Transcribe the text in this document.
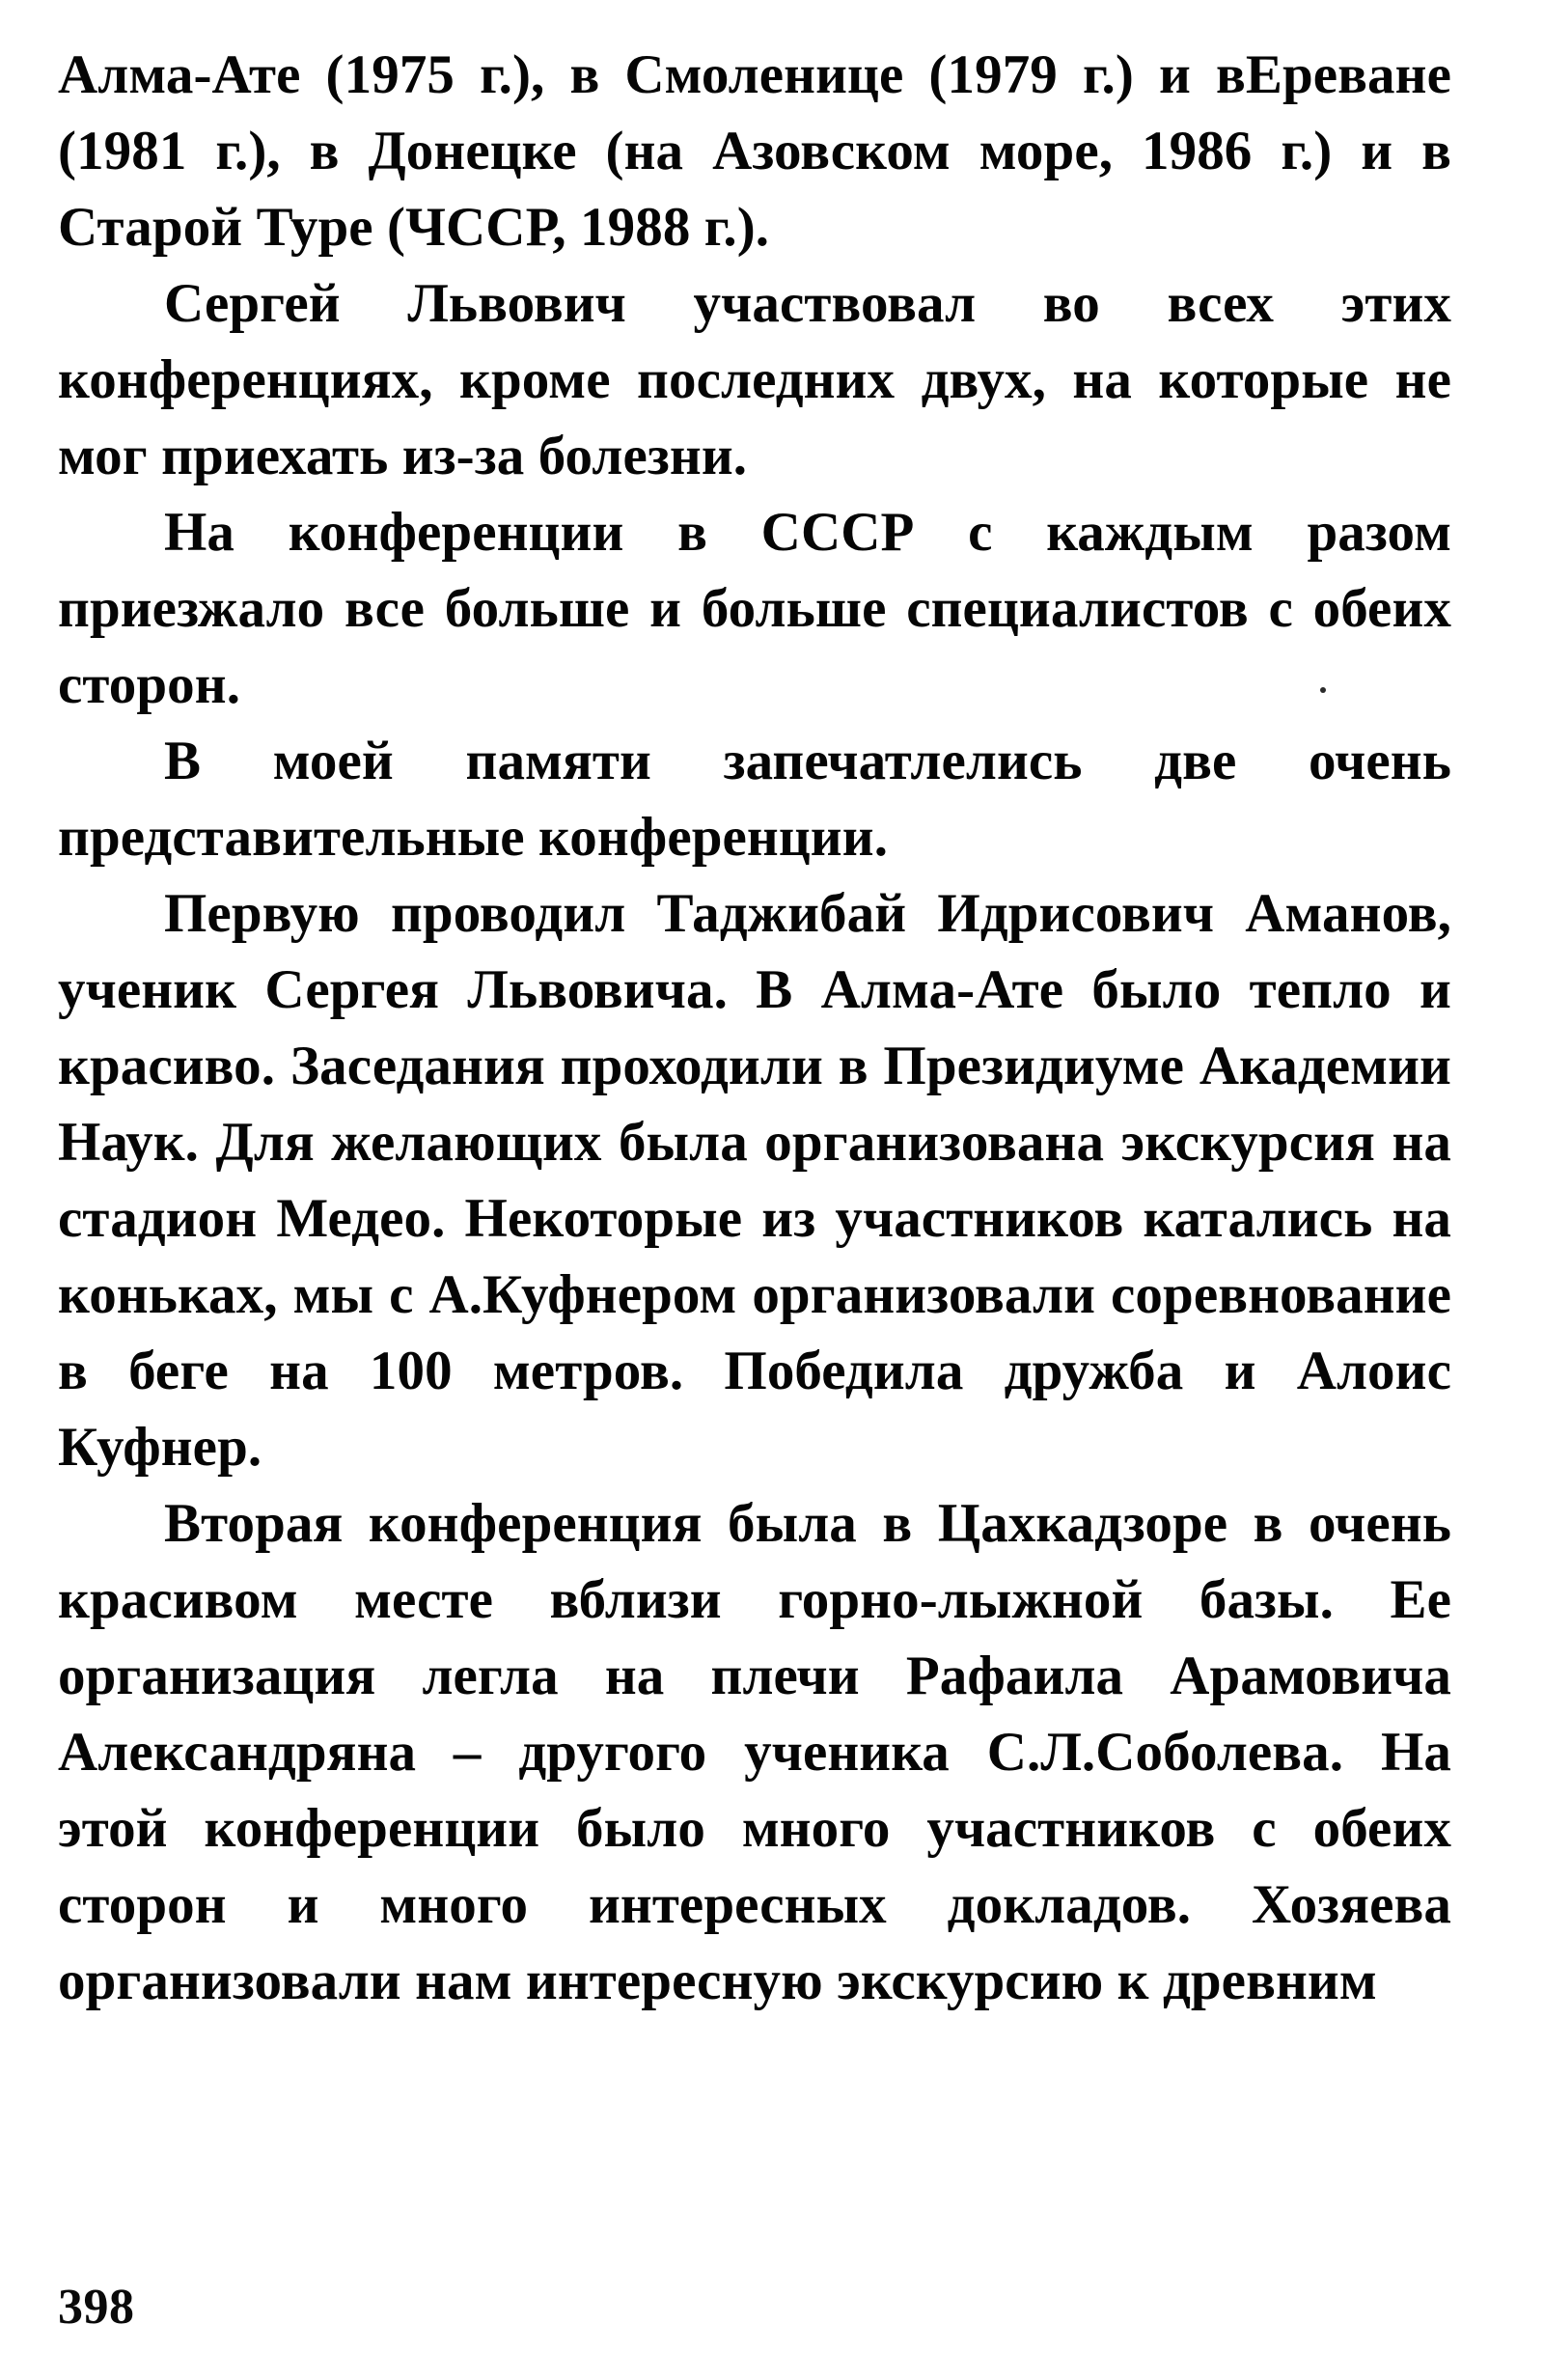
Алма-Ате (1975 г.), в Смоленице (1979 г.) и вЕреване (1981 г.), в Донецке (на Азовском море, 1986 г.) и в Старой Туре (ЧССР, 1988 г.).

Сергей Львович участвовал во всех этих конференциях, кроме последних двух, на которые не мог приехать из-за болезни.

На конференции в СССР с каждым разом приезжало все больше и больше специалистов с обеих сторон.

В моей памяти запечатлелись две очень представительные конференции.

Первую проводил Таджибай Идрисович Аманов, ученик Сергея Львовича. В Алма-Ате было тепло и красиво. Заседания проходили в Президиуме Академии Наук. Для желающих была организована экскурсия на стадион Медео. Некоторые из участников катались на коньках, мы с А.Куфнером организовали соревнование в беге на 100 метров. Победила дружба и Алоис Куфнер.

Вторая конференция была в Цахкадзоре в очень красивом месте вблизи горно-лыжной базы. Ее организация легла на плечи Рафаила Арамовича Александряна – другого ученика С.Л.Соболева. На этой конференции было много участников с обеих сторон и много интересных докладов. Хозяева организовали нам интересную экскурсию к древним

398
